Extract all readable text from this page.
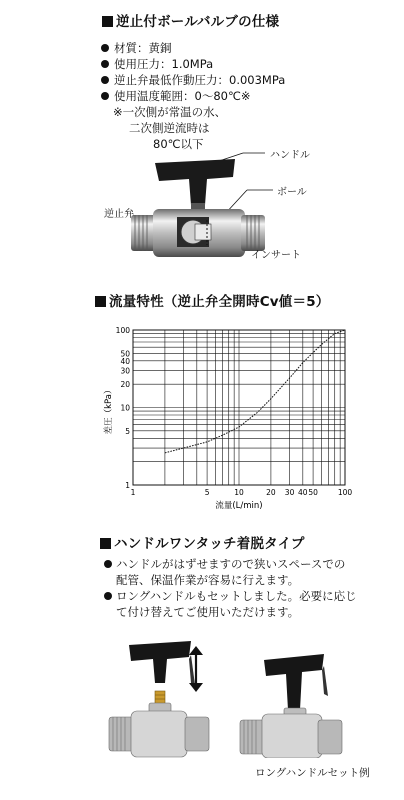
逆止付ボールバルブの仕様
材質：黄銅
使用圧力：1.0MPa
逆止弁最低作動圧力：0.003MPa
使用温度範囲：0～80℃※
※一次側が常温の水、
二次側逆流時は
80℃以下
ハンドル
ボール
逆止弁
インサート
流量特性（逆止弁全開時Cv値＝5）
1
5
10
20
30
40
50
100
1	5	10	20 30 40 50	100
差圧（kPa）
流量(L/min)
ハンドルワンタッチ着脱タイプ
ハンドルがはずせますので狭いスペースでの
配管、保温作業が容易に行えます。
ロングハンドルもセットしました。必要に応じ
て付け替えてご使用いただけます。
ロングハンドルセット例
